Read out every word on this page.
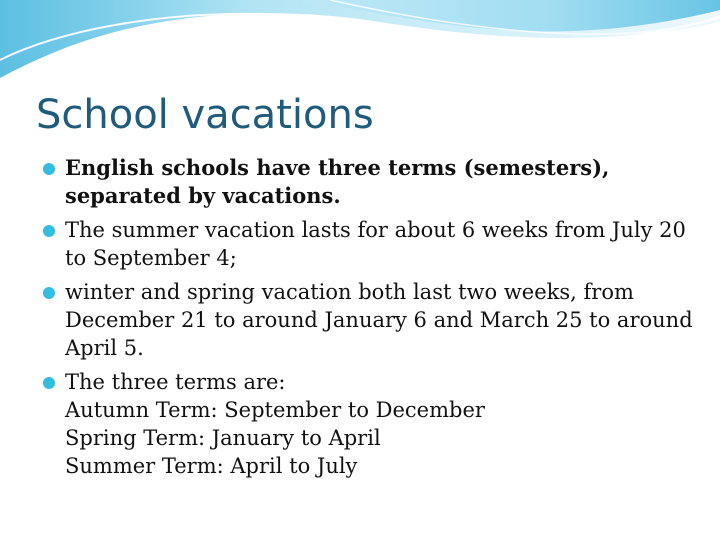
School vacations
English schools have three terms (semesters), separated by vacations.
The summer vacation lasts for about 6 weeks from July 20 to September 4;
winter and spring vacation both last two weeks, from December 21 to around January 6 and March 25 to around April 5.
The three terms are:
Autumn Term: September to December
Spring Term: January to April
Summer Term: April to July
